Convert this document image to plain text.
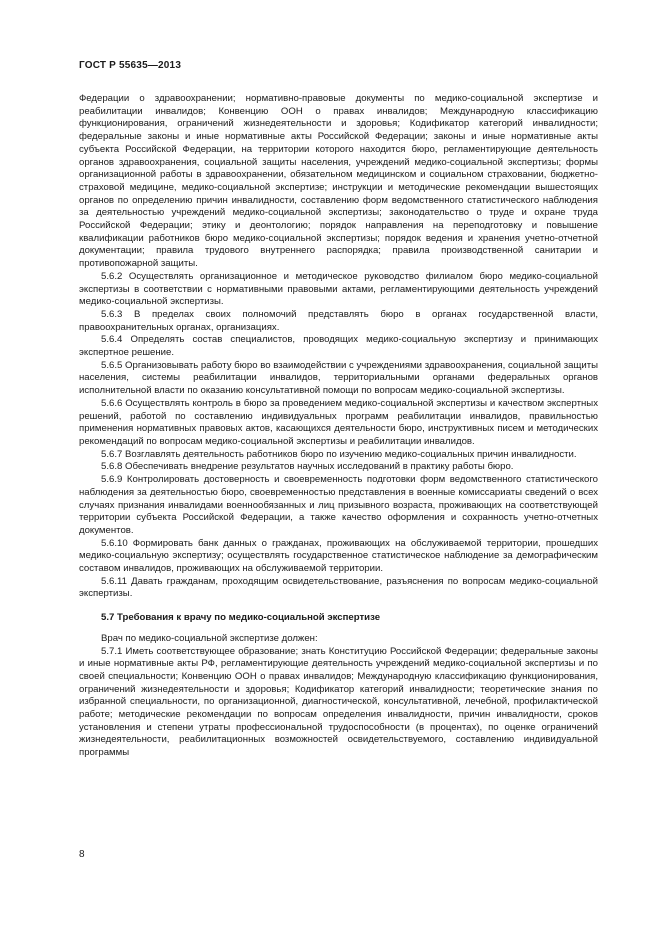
ГОСТ Р 55635—2013

Федерации о здравоохранении; нормативно-правовые документы по медико-социальной экспертизе и реабилитации инвалидов; Конвенцию ООН о правах инвалидов; Международную классификацию функционирования, ограничений жизнедеятельности и здоровья; Кодификатор категорий инвалидности; федеральные законы и иные нормативные акты Российской Федерации; законы и иные нормативные акты субъекта Российской Федерации, на территории которого находится бюро, регламентирующие деятельность органов здравоохранения, социальной защиты населения, учреждений медико-социальной экспертизы; формы организационной работы в здравоохранении, обязательном медицинском и социальном страховании, бюджетно-страховой медицине, медико-социальной экспертизе; инструкции и методические рекомендации вышестоящих органов по определению причин инвалидности, составлению форм ведомственного статистического наблюдения за деятельностью учреждений медико-социальной экспертизы; законодательство о труде и охране труда Российской Федерации; этику и деонтологию; порядок направления на переподготовку и повышение квалификации работников бюро медико-социальной экспертизы; порядок ведения и хранения учетно-отчетной документации; правила трудового внутреннего распорядка; правила производственной санитарии и противопожарной защиты.

5.6.2 Осуществлять организационное и методическое руководство филиалом бюро медико-социальной экспертизы в соответствии с нормативными правовыми актами, регламентирующими деятельность учреждений медико-социальной экспертизы.

5.6.3 В пределах своих полномочий представлять бюро в органах государственной власти, правоохранительных органах, организациях.

5.6.4 Определять состав специалистов, проводящих медико-социальную экспертизу и принимающих экспертное решение.

5.6.5 Организовывать работу бюро во взаимодействии с учреждениями здравоохранения, социальной защиты населения, системы реабилитации инвалидов, территориальными органами федеральных органов исполнительной власти по оказанию консультативной помощи по вопросам медико-социальной экспертизы.

5.6.6 Осуществлять контроль в бюро за проведением медико-социальной экспертизы и качеством экспертных решений, работой по составлению индивидуальных программ реабилитации инвалидов, правильностью применения нормативных правовых актов, касающихся деятельности бюро, инструктивных писем и методических рекомендаций по вопросам медико-социальной экспертизы и реабилитации инвалидов.

5.6.7 Возглавлять деятельность работников бюро по изучению медико-социальных причин инвалидности.

5.6.8 Обеспечивать внедрение результатов научных исследований в практику работы бюро.

5.6.9 Контролировать достоверность и своевременность подготовки форм ведомственного статистического наблюдения за деятельностью бюро, своевременностью представления в военные комиссариаты сведений о всех случаях признания инвалидами военнообязанных и лиц призывного возраста, проживающих на соответствующей территории субъекта Российской Федерации, а также качество оформления и сохранность учетно-отчетных документов.

5.6.10 Формировать банк данных о гражданах, проживающих на обслуживаемой территории, прошедших медико-социальную экспертизу; осуществлять государственное статистическое наблюдение за демографическим составом инвалидов, проживающих на обслуживаемой территории.

5.6.11 Давать гражданам, проходящим освидетельствование, разъяснения по вопросам медико-социальной экспертизы.

5.7 Требования к врачу по медико-социальной экспертизе

Врач по медико-социальной экспертизе должен:

5.7.1 Иметь соответствующее образование; знать Конституцию Российской Федерации; федеральные законы и иные нормативные акты РФ, регламентирующие деятельность учреждений медико-социальной экспертизы и по своей специальности; Конвенцию ООН о правах инвалидов; Международную классификацию функционирования, ограничений жизнедеятельности и здоровья; Кодификатор категорий инвалидности; теоретические знания по избранной специальности, по организационной, диагностической, консультативной, лечебной, профилактической работе; методические рекомендации по вопросам определения инвалидности, причин инвалидности, сроков установления и степени утраты профессиональной трудоспособности (в процентах), по оценке ограничений жизнедеятельности, реабилитационных возможностей освидетельствуемого, составлению индивидуальной программы

8
